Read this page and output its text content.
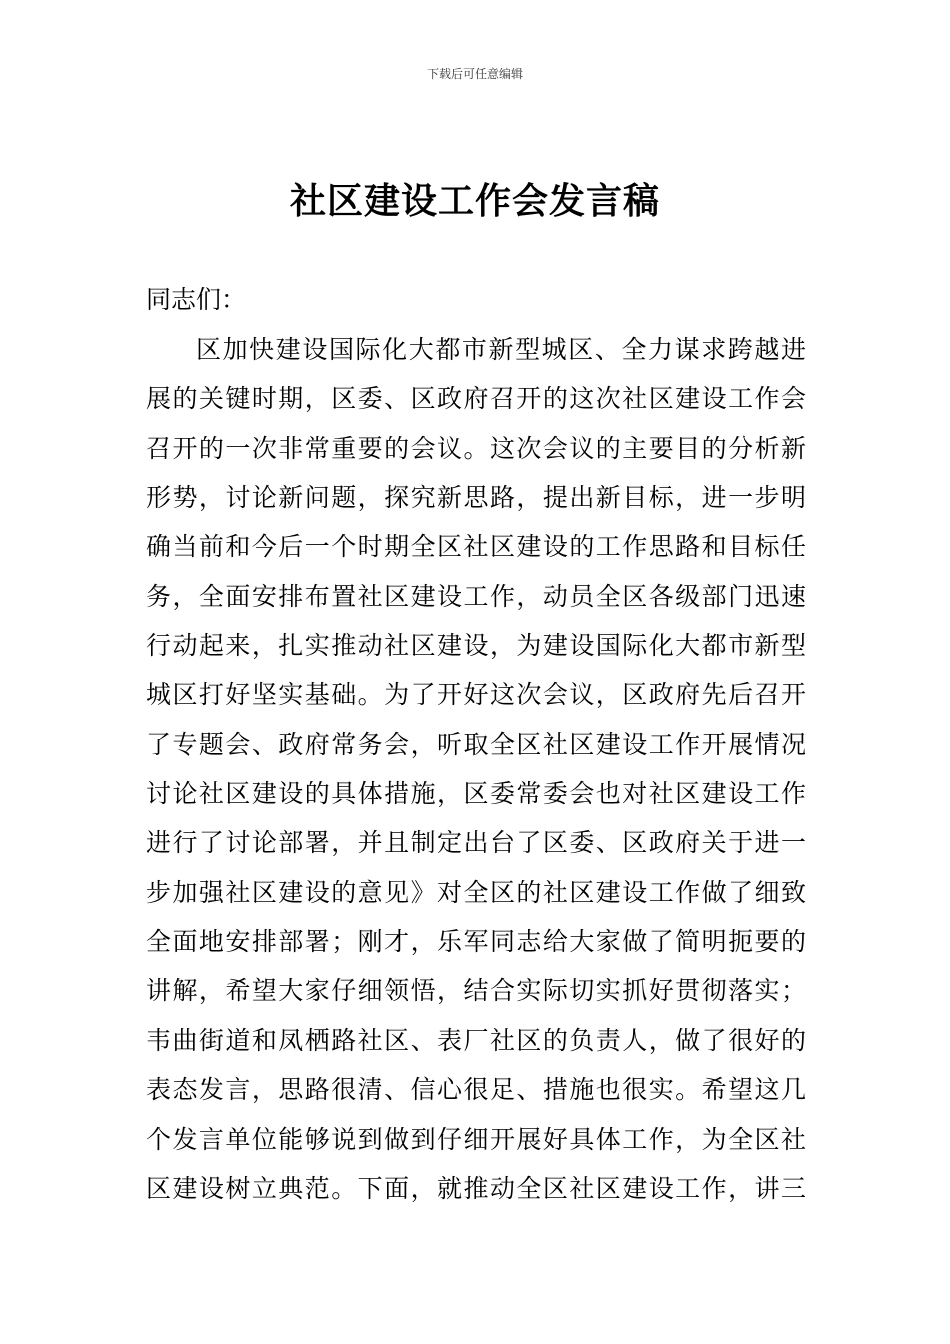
下载后可任意编辑
社区建设工作会发言稿
同志们：
区加快建设国际化大都市新型城区、全力谋求跨越进
展的关键时期，区委、区政府召开的这次社区建设工作会
召开的一次非常重要的会议。这次会议的主要目的分析新
形势，讨论新问题，探究新思路，提出新目标，进一步明
确当前和今后一个时期全区社区建设的工作思路和目标任
务，全面安排布置社区建设工作，动员全区各级部门迅速
行动起来，扎实推动社区建设，为建设国际化大都市新型
城区打好坚实基础。为了开好这次会议，区政府先后召开
了专题会、政府常务会，听取全区社区建设工作开展情况
讨论社区建设的具体措施，区委常委会也对社区建设工作
进行了讨论部署，并且制定出台了区委、区政府关于进一
步加强社区建设的意见》对全区的社区建设工作做了细致
全面地安排部署；刚才，乐军同志给大家做了简明扼要的
讲解，希望大家仔细领悟，结合实际切实抓好贯彻落实；
韦曲街道和凤栖路社区、表厂社区的负责人，做了很好的
表态发言，思路很清、信心很足、措施也很实。希望这几
个发言单位能够说到做到仔细开展好具体工作，为全区社
区建设树立典范。下面，就推动全区社区建设工作，讲三
